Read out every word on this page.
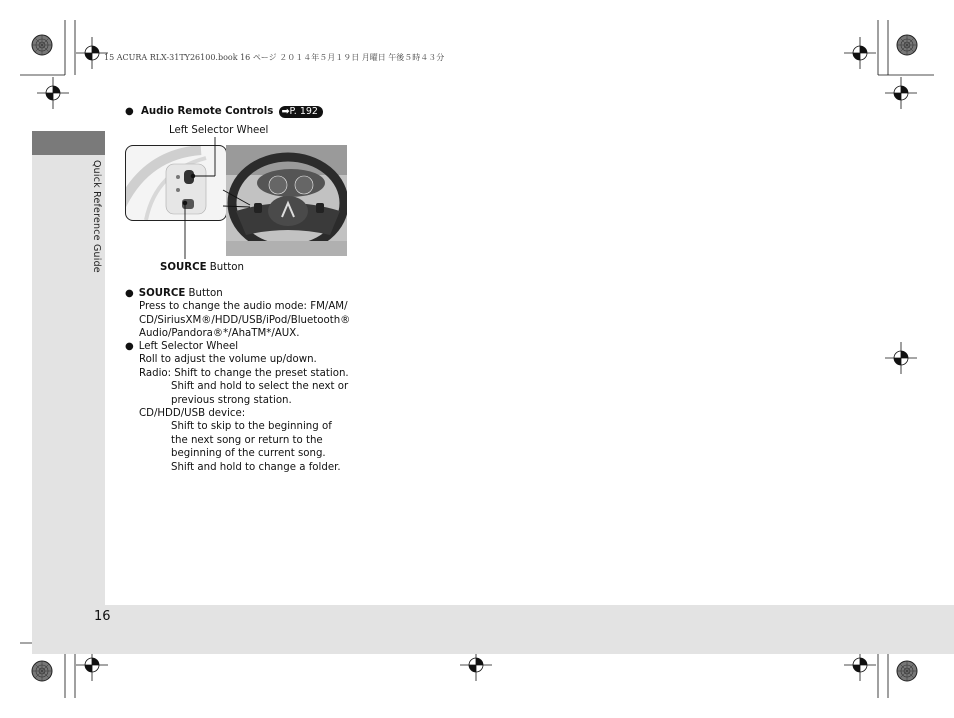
15 ACURA RLX-31TY26100.book 16 ページ ２０１４年５月１９日 月曜日 午後５時４３分
Quick Reference Guide
16
● Audio Remote Controls ➡P. 192
Left Selector Wheel
SOURCE Button
● SOURCE Button
Press to change the audio mode: FM/AM/
CD/SiriusXM®/HDD/USB/iPod/Bluetooth®
Audio/Pandora®*/AhaTM*/AUX.
● Left Selector Wheel
Roll to adjust the volume up/down.
Radio: Shift to change the preset station.
Shift and hold to select the next or
previous strong station.
CD/HDD/USB device:
Shift to skip to the beginning of
the next song or return to the
beginning of the current song.
Shift and hold to change a folder.
